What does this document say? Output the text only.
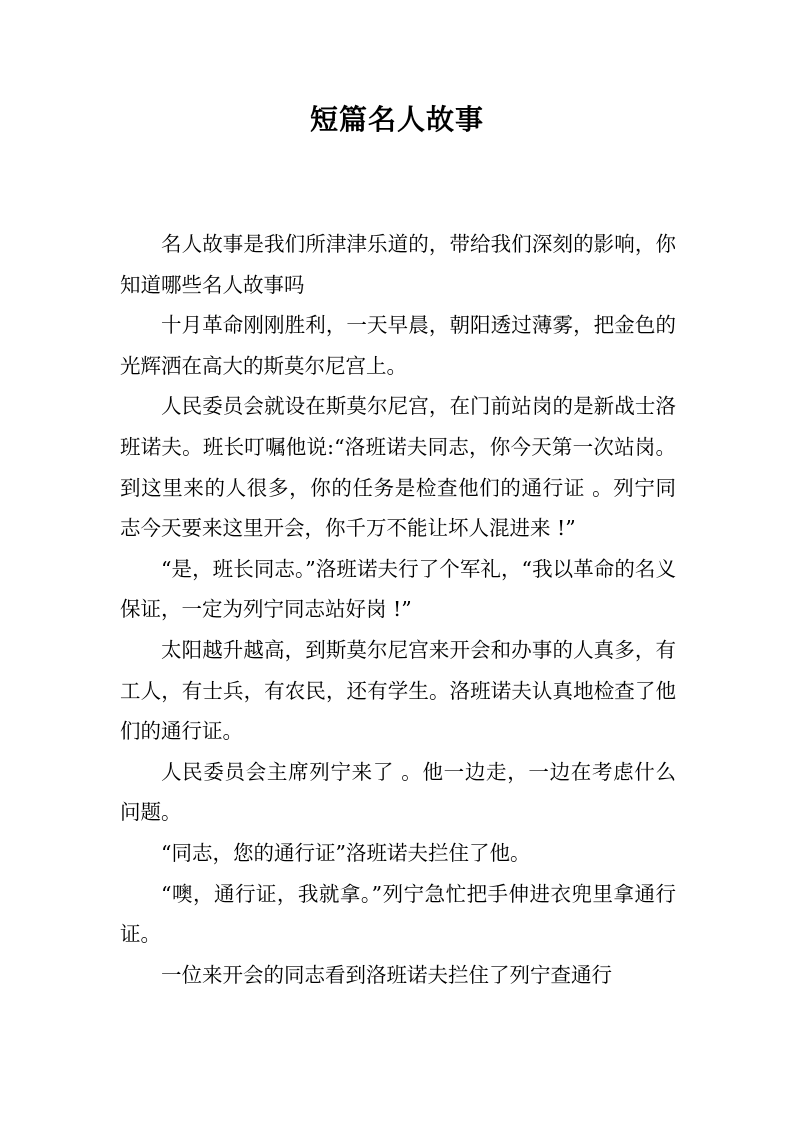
短篇名人故事

名人故事是我们所津津乐道的，带给我们深刻的影响，你知道哪些名人故事吗

十月革命刚刚胜利，一天早晨，朝阳透过薄雾，把金色的光辉洒在高大的斯莫尔尼宫上。

人民委员会就设在斯莫尔尼宫，在门前站岗的是新战士洛班诺夫。班长叮嘱他说:“洛班诺夫同志，你今天第一次站岗。到这里来的人很多，你的任务是检查他们的通行证 。列宁同志今天要来这里开会，你千万不能让坏人混进来 !”

“是，班长同志。”洛班诺夫行了个军礼，“我以革命的名义保证，一定为列宁同志站好岗 !”

太阳越升越高，到斯莫尔尼宫来开会和办事的人真多，有工人，有士兵，有农民，还有学生。洛班诺夫认真地检查了他们的通行证。

人民委员会主席列宁来了 。他一边走，一边在考虑什么问题。

“同志，您的通行证”洛班诺夫拦住了他。

“噢，通行证，我就拿。”列宁急忙把手伸进衣兜里拿通行证。

一位来开会的同志看到洛班诺夫拦住了列宁查通行
